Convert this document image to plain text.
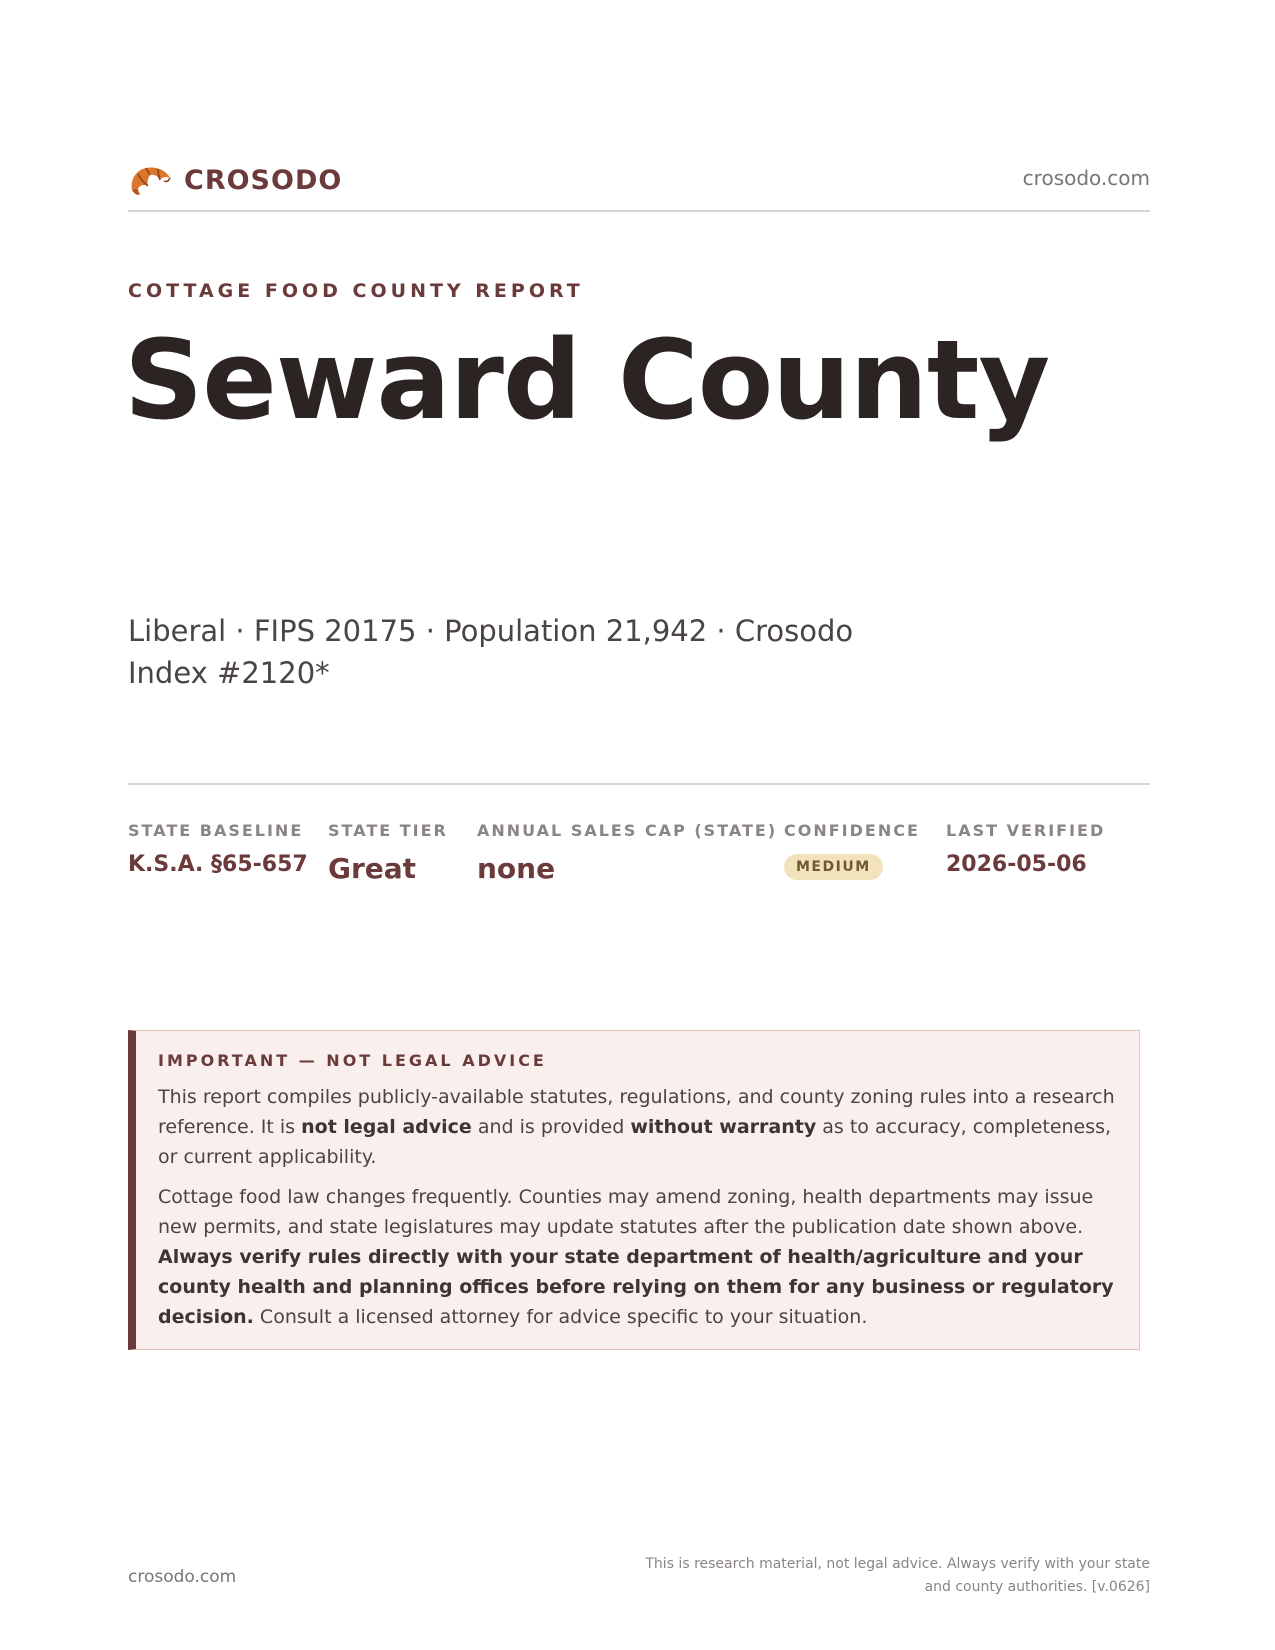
CROSODO	crosodo.com
COTTAGE FOOD COUNTY REPORT
Seward County
Liberal · FIPS 20175 · Population 21,942 · Crosodo Index #2120*
STATE BASELINE
K.S.A. §65-657
STATE TIER
Great
ANNUAL SALES CAP (STATE)
none
CONFIDENCE
MEDIUM
LAST VERIFIED
2026-05-06
IMPORTANT — NOT LEGAL ADVICE

This report compiles publicly-available statutes, regulations, and county zoning rules into a research reference. It is not legal advice and is provided without warranty as to accuracy, completeness, or current applicability.

Cottage food law changes frequently. Counties may amend zoning, health departments may issue new permits, and state legislatures may update statutes after the publication date shown above. Always verify rules directly with your state department of health/agriculture and your county health and planning offices before relying on them for any business or regulatory decision. Consult a licensed attorney for advice specific to your situation.

crosodo.com
This is research material, not legal advice. Always verify with your state and county authorities. [v.0626]
